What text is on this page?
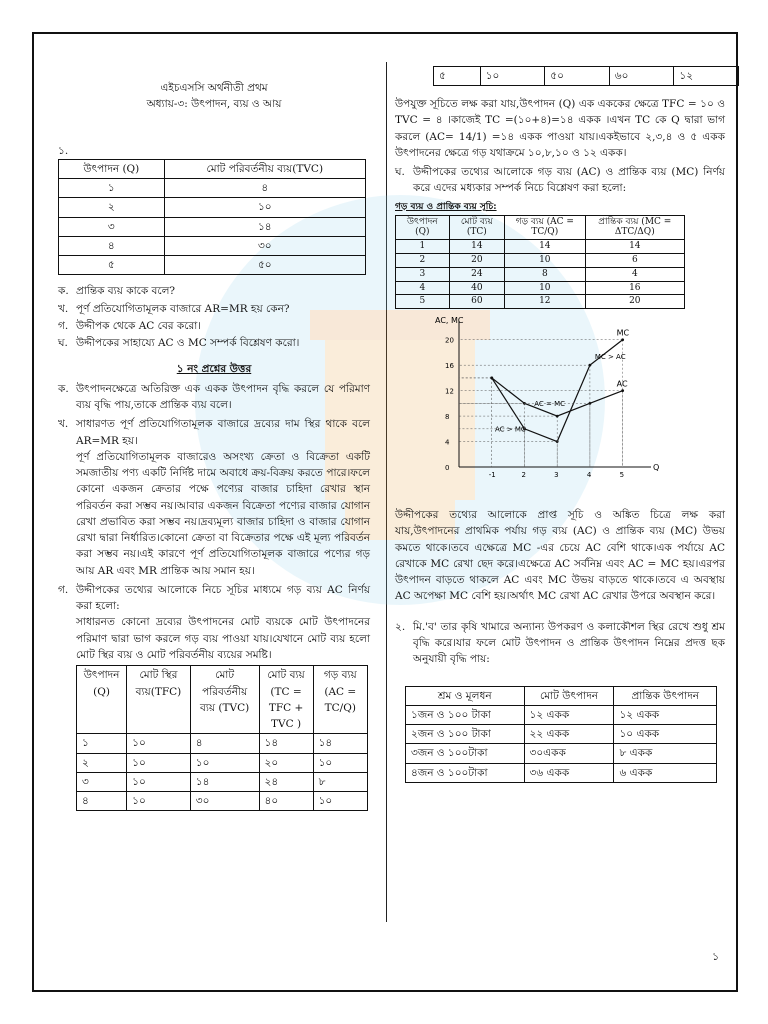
এইচএসসি অর্থনীতী প্রথম
অধ্যায়-৩: উৎপাদন, ব্যয় ও আয়
১.
উৎপাদন (Q)	মোট পরিবর্তনীয় ব্যয়(TVC)
১	৪
২	১০
৩	১৪
৪	৩০
৫	৫০
ক. প্রান্তিক ব্যয় কাকে বলে?
খ. পূর্ণ প্রতিযোগিতামূলক বাজারে AR=MR হয় কেন?
গ. উদ্দীপক থেকে AC বের করো।
ঘ. উদ্দীপকের সাহায্যে AC ও MC সম্পর্ক বিশ্লেষণ করো।
১ নং প্রশ্নের উত্তর
ক. উৎপাদনক্ষেত্রে অতিরিক্ত এক একক উৎপাদন বৃদ্ধি করলে যে পরিমাণ ব্যয় বৃদ্ধি পায়,তাকে প্রান্তিক ব্যয় বলে।
খ. সাধারণত পূর্ণ প্রতিযোগিতামূলক বাজারে দ্রব্যের দাম স্থির থাকে বলে AR=MR হয়।

পূর্ণ প্রতিযোগিতামূলক বাজারেও অসংখ্য ক্রেতা ও বিক্রেতা একটি সমজাতীয় পণ্য একটি নির্দিষ্ট দামে অবাধে ক্রয়-বিক্রয় করতে পারে।ফলে কোনো একজন ক্রেতার পক্ষে পণ্যের বাজার চাহিদা রেখার স্থান পরিবর্তন করা সম্ভব নয়।আবার একজন বিক্রেতা পণ্যের বাজার যোগান রেখা প্রভাবিত করা সম্ভব নয়।দ্রব্যমূল্য বাজার চাহিদা ও বাজার যোগান রেখা দ্বারা নির্ধারিত।কোনো ক্রেতা বা বিক্রেতার পক্ষে এই মূল্য পরিবর্তন করা সম্ভব নয়।এই কারণে পূর্ণ প্রতিযোগিতামূলক বাজারে পণ্যের গড় আয় AR এবং MR প্রান্তিক আয় সমান হয়।

গ. উদ্দীপকের তথ্যের আলোকে নিচে সূচির মাধ্যমে গড় ব্যয় AC নির্ণয় করা হলো:

সাধারনত কোনো দ্রব্যের উৎপাদনের মোট ব্যয়কে মোট উৎপাদনের পরিমাণ দ্বারা ভাগ করলে গড় ব্যয় পাওয়া যায়।যেখানে মোট ব্যয় হলো মোট স্থির ব্যয় ও মোট পরিবর্তনীয় ব্যয়ের সমষ্টি।

উৎপাদন (Q)	মোট স্থির ব্যয়(TFC)	মোট পরিবর্তনীয় ব্যয় (TVC)	মোট ব্যয় (TC = TFC + TVC )	গড় ব্যয় (AC = TC/Q)
১	১০	৪	১৪	১৪
২	১০	১০	২০	১০
৩	১০	১৪	২৪	৮
৪	১০	৩০	৪০	১০
৫	১০	৫০	৬০	১২

উপযুক্ত সূচিতে লক্ষ করা যায়,উৎপাদন (Q) এক এককের ক্ষেত্রে TFC = ১০ ও TVC = ৪ ।কাজেই TC =(১০+৪)=১৪ একক ।এখন TC কে Q দ্বারা ভাগ করলে (AC= 14/1) =১৪ একক পাওয়া যায়।একইভাবে ২,৩,৪ ও ৫ একক উৎপাদনের ক্ষেত্রে গড় যথাক্রমে ১০,৮,১০ ও ১২ একক।

ঘ. উদ্দীপকের তথ্যের আলোকে গড় ব্যয় (AC) ও প্রান্তিক ব্যয় (MC) নির্ণয় করে এদের মধ্যকার সম্পর্ক নিচে বিশ্লেষণ করা হলো:
গড় ব্যয় ও প্রান্তিক ব্যয় সূচি:
উৎপাদন (Q)	মোট ব্যয় (TC)	গড় ব্যয় (AC = TC/Q)	প্রান্তিক ব্যয় (MC = ΔTC/ΔQ)
1	14	14	14
2	20	10	6
3	24	8	4
4	40	10	16
5	60	12	20
AC, MC
Q
20
16
12
8
4
0
-1	2	3	4	5
MC
AC
MC > AC
AC = MC
AC > MC

উদ্দীপকের তথ্যের আলোকে প্রাপ্ত সূচি ও অঙ্কিত চিত্রে লক্ষ করা যায়,উৎপাদনের প্রাথমিক পর্যায় গড় ব্যয় (AC) ও প্রান্তিক ব্যয় (MC) উভয় কমতে থাকে।তবে এক্ষেত্রে MC -এর চেয়ে AC বেশি থাকে।এক পর্যায়ে AC রেখাকে MC রেখা ছেদ করে।এক্ষেত্রে AC সর্বনিম্ন এবং AC = MC হয়।এরপর উৎপাদন বাড়তে থাকলে AC এবং MC উভয় বাড়তে থাকে।তবে এ অবস্থায় AC অপেক্ষা MC বেশি হয়।অর্থাৎ MC রেখা AC রেখার উপরে অবস্থান করে।

২. মি.'ব' তার কৃষি খামারে অন্যান্য উপকরণ ও কলাকৌশল স্থির রেখে শুধু শ্রম বৃদ্ধি করে।যার ফলে মোট উৎপাদন ও প্রান্তিক উৎপাদন নিম্নের প্রদত্ত ছক অনুযায়ী বৃদ্ধি পায়:
শ্রম ও মূলধন	মোট উৎপাদন	প্রান্তিক উৎপাদন
১জন ও ১০০ টাকা	১২ একক	১২ একক
২জন ও ১০০ টাকা	২২ একক	১০ একক
৩জন ও ১০০টাকা	৩০একক	৮ একক
৪জন ও ১০০টাকা	৩৬ একক	৬ একক
১
